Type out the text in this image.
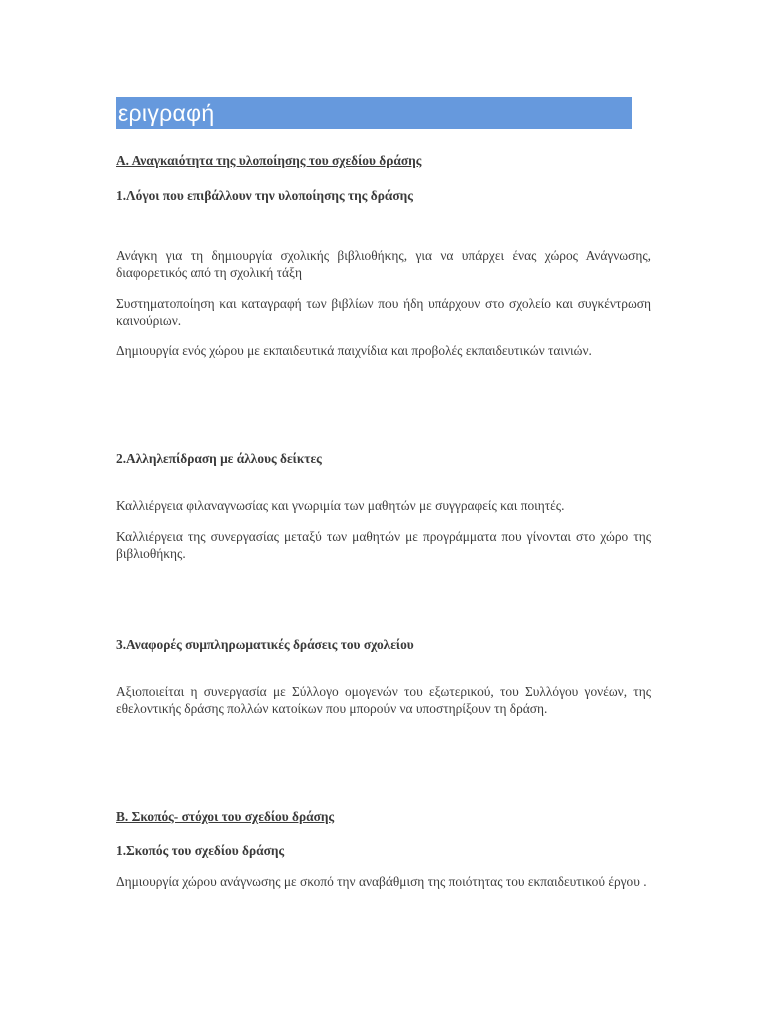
εριγραφή
Α. Αναγκαιότητα της υλοποίησης του σχεδίου δράσης
1.Λόγοι που επιβάλλουν την υλοποίησης της δράσης
Ανάγκη για τη δημιουργία σχολικής βιβλιοθήκης, για να υπάρχει ένας χώρος Ανάγνωσης, διαφορετικός από τη σχολική τάξη
Συστηματοποίηση και καταγραφή των βιβλίων που ήδη υπάρχουν στο σχολείο και συγκέντρωση καινούριων.
Δημιουργία ενός χώρου με εκπαιδευτικά παιχνίδια και προβολές εκπαιδευτικών ταινιών.
2.Αλληλεπίδραση με άλλους δείκτες
Καλλιέργεια φιλαναγνωσίας και γνωριμία των μαθητών με συγγραφείς και ποιητές.
Καλλιέργεια της συνεργασίας μεταξύ των μαθητών με προγράμματα που γίνονται στο χώρο της βιβλιοθήκης.
3.Αναφορές συμπληρωματικές δράσεις του σχολείου
Αξιοποιείται η συνεργασία με Σύλλογο ομογενών του εξωτερικού, του Συλλόγου γονέων, της εθελοντικής δράσης πολλών κατοίκων που μπορούν να υποστηρίξουν τη δράση.
Β. Σκοπός- στόχοι του σχεδίου δράσης
1.Σκοπός του σχεδίου δράσης
Δημιουργία χώρου ανάγνωσης με σκοπό την αναβάθμιση της ποιότητας του εκπαιδευτικού έργου .
